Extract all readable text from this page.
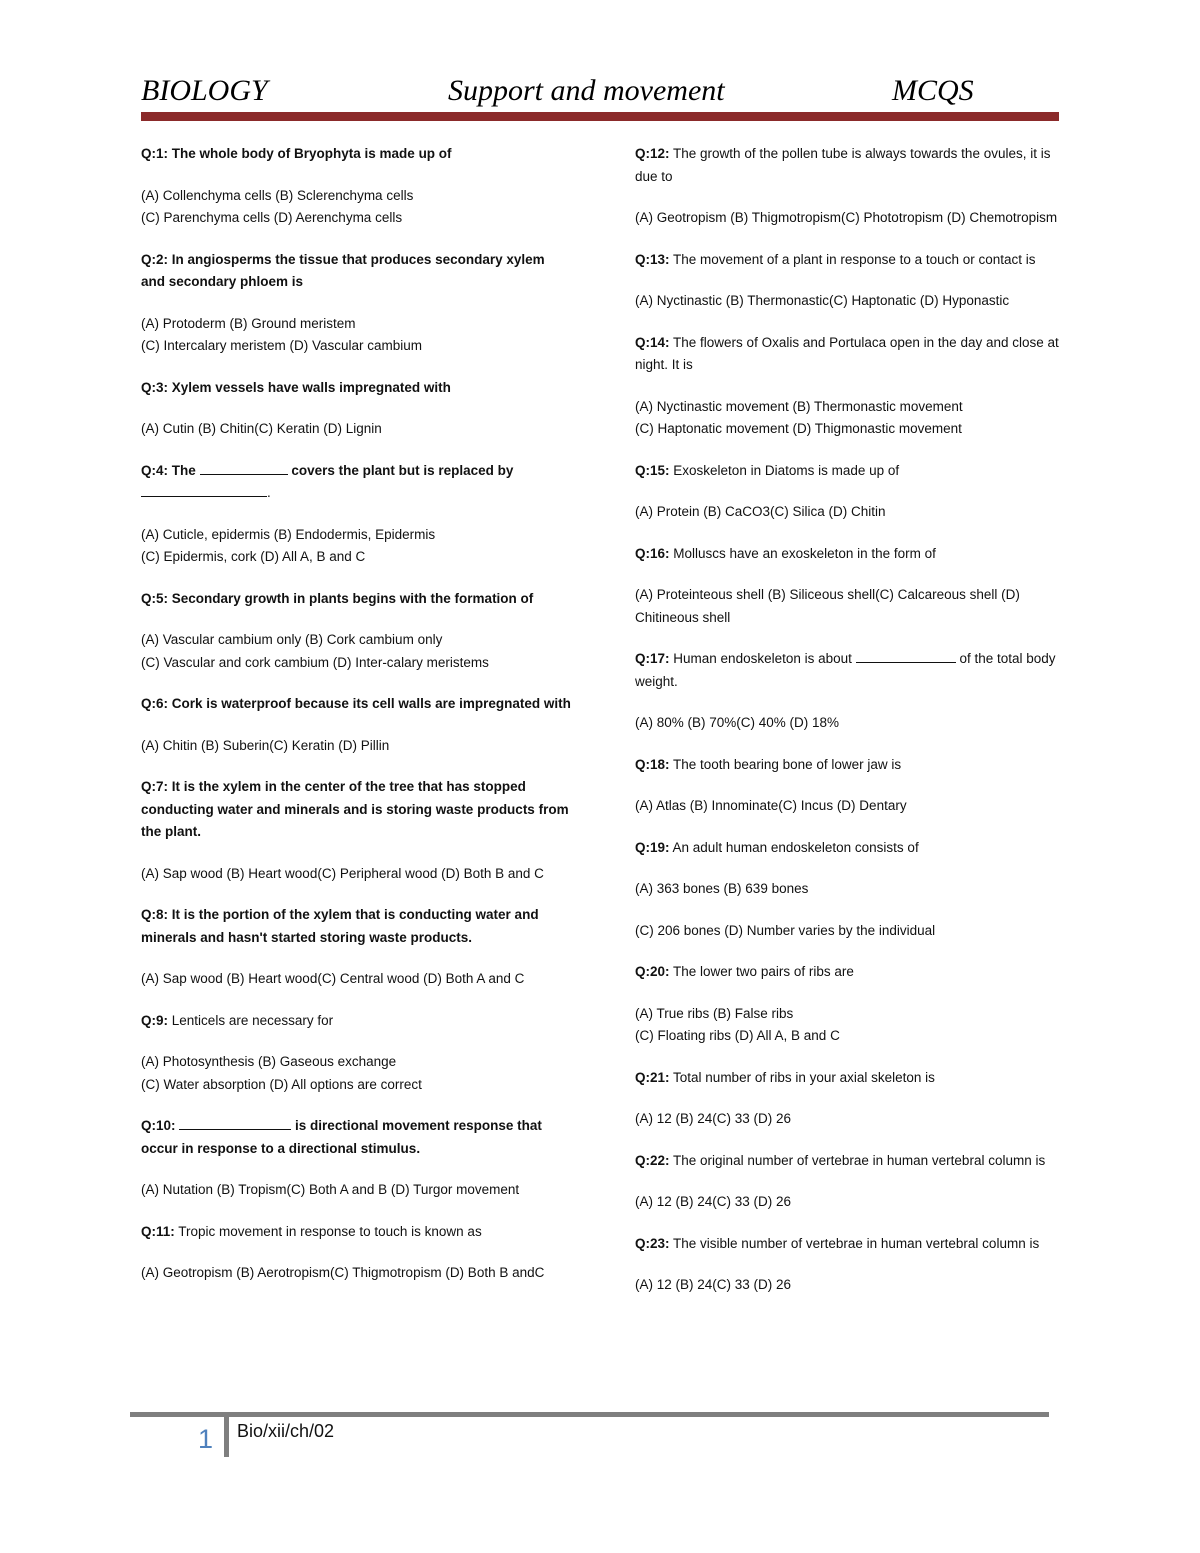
BIOLOGY	Support and movement	MCQS
Q:1: The whole body of Bryophyta is made up of
(A) Collenchyma cells (B) Sclerenchyma cells
(C) Parenchyma cells (D) Aerenchyma cells
Q:2: In angiosperms the tissue that produces secondary xylem and secondary phloem is
(A) Protoderm (B) Ground meristem
(C) Intercalary meristem (D) Vascular cambium
Q:3: Xylem vessels have walls impregnated with
(A) Cutin (B) Chitin(C) Keratin (D) Lignin
Q:4: The	covers the plant but is replaced by
.
(A) Cuticle, epidermis (B) Endodermis, Epidermis
(C) Epidermis, cork (D) All A, B and C
Q:5: Secondary growth in plants begins with the formation of
(A) Vascular cambium only (B) Cork cambium only
(C) Vascular and cork cambium (D) Inter-calary meristems
Q:6: Cork is waterproof because its cell walls are impregnated with
(A) Chitin (B) Suberin(C) Keratin (D) Pillin
Q:7: It is the xylem in the center of the tree that has stopped conducting water and minerals and is storing waste products from the plant.
(A) Sap wood (B) Heart wood(C) Peripheral wood (D) Both B and C
Q:8: It is the portion of the xylem that is conducting water and minerals and hasn't started storing waste products.
(A) Sap wood (B) Heart wood(C) Central wood (D) Both A and C
Q:9: Lenticels are necessary for
(A) Photosynthesis (B) Gaseous exchange
(C) Water absorption (D) All options are correct
Q:10:	is directional movement response that occur in response to a directional stimulus.
(A) Nutation (B) Tropism(C) Both A and B (D) Turgor movement
Q:11: Tropic movement in response to touch is known as
(A) Geotropism (B) Aerotropism(C) Thigmotropism (D) Both B andC
Q:12: The growth of the pollen tube is always towards the ovules, it is due to
(A) Geotropism (B) Thigmotropism(C) Phototropism (D) Chemotropism
Q:13: The movement of a plant in response to a touch or contact is
(A) Nyctinastic (B) Thermonastic(C) Haptonatic (D) Hyponastic
Q:14: The flowers of Oxalis and Portulaca open in the day and close at night. It is
(A) Nyctinastic movement (B) Thermonastic movement
(C) Haptonatic movement (D) Thigmonastic movement
Q:15: Exoskeleton in Diatoms is made up of
(A) Protein (B) CaCO3(C) Silica (D) Chitin
Q:16: Molluscs have an exoskeleton in the form of
(A) Proteinteous shell (B) Siliceous shell(C) Calcareous shell (D) Chitineous shell
Q:17: Human endoskeleton is about	of the total body weight.
(A) 80% (B) 70%(C) 40% (D) 18%
Q:18: The tooth bearing bone of lower jaw is
(A) Atlas (B) Innominate(C) Incus (D) Dentary
Q:19: An adult human endoskeleton consists of
(A) 363 bones (B) 639 bones
(C) 206 bones (D) Number varies by the individual
Q:20: The lower two pairs of ribs are
(A) True ribs (B) False ribs
(C) Floating ribs (D) All A, B and C
Q:21: Total number of ribs in your axial skeleton is
(A) 12 (B) 24(C) 33 (D) 26
Q:22: The original number of vertebrae in human vertebral column is
(A) 12 (B) 24(C) 33 (D) 26
Q:23: The visible number of vertebrae in human vertebral column is
(A) 12 (B) 24(C) 33 (D) 26
1 Bio/xii/ch/02
